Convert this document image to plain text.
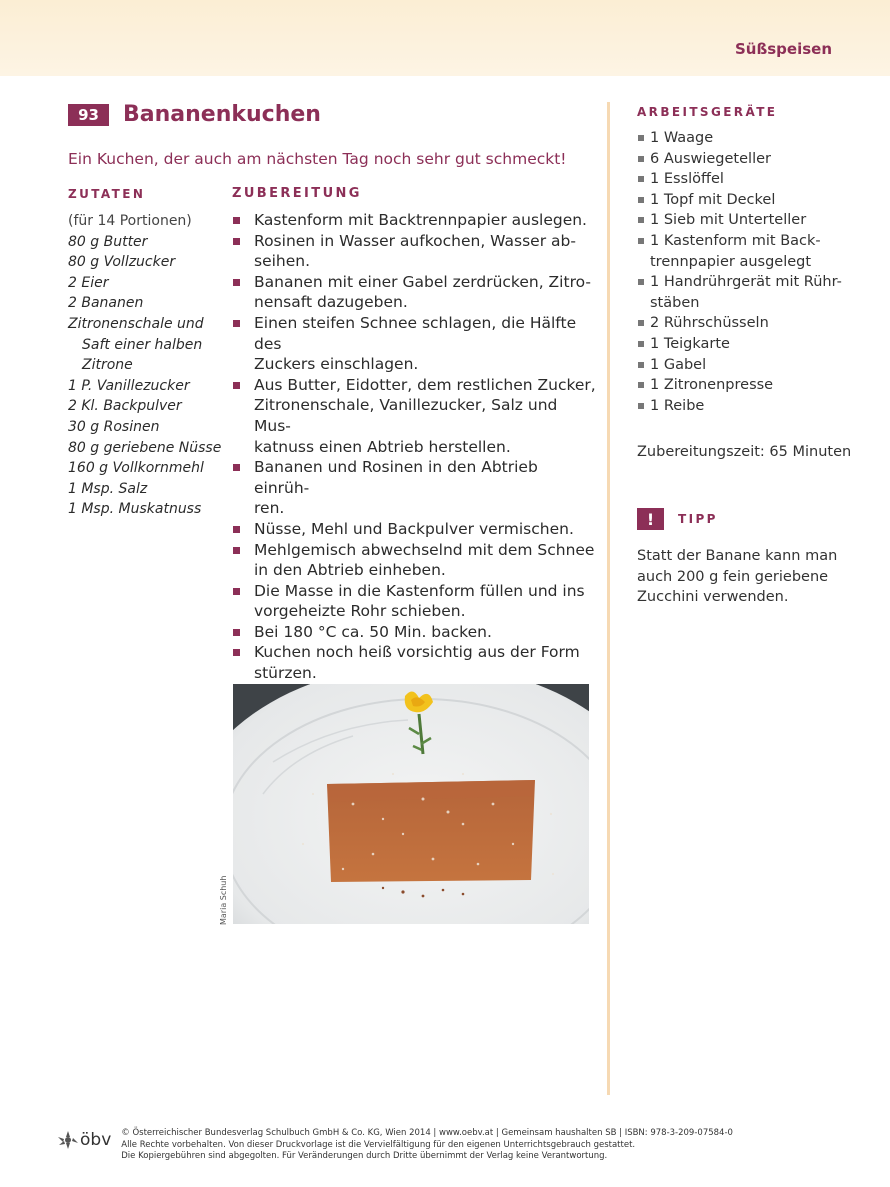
Süßspeisen
93	Bananenkuchen
Ein Kuchen, der auch am nächsten Tag noch sehr gut schmeckt!
ZUTATEN	ZUBEREITUNG
(für 14 Portionen)
80 g Butter
80 g Vollzucker
2 Eier
2 Bananen
Zitronenschale und
Saft einer halben
Zitrone
1 P. Vanillezucker
2 Kl. Backpulver
30 g Rosinen
80 g geriebene Nüsse
160 g Vollkornmehl
1 Msp. Salz
1 Msp. Muskatnuss
Kastenform mit Backtrennpapier auslegen.
Rosinen in Wasser aufkochen, Wasser ab-
seihen.
Bananen mit einer Gabel zerdrücken, Zitro-
nensaft dazugeben.
Einen steifen Schnee schlagen, die Hälfte des
Zuckers einschlagen.
Aus Butter, Eidotter, dem restlichen Zucker,
Zitronenschale, Vanillezucker, Salz und Mus-
katnuss einen Abtrieb herstellen.
Bananen und Rosinen in den Abtrieb einrüh-
ren.
Nüsse, Mehl und Backpulver vermischen.
Mehlgemisch abwechselnd mit dem Schnee
in den Abtrieb einheben.
Die Masse in die Kastenform füllen und ins
vorgeheizte Rohr schieben.
Bei 180 °C ca. 50 Min. backen.
Kuchen noch heiß vorsichtig aus der Form
stürzen.
Maria Schuh
ARBEITSGERÄTE
1 Waage
6 Auswiegeteller
1 Esslöffel
1 Topf mit Deckel
1 Sieb mit Unterteller
1 Kastenform mit Back-
trennpapier ausgelegt
1 Handrührgerät mit Rühr-
stäben
2 Rührschüsseln
1 Teigkarte
1 Gabel
1 Zitronenpresse
1 Reibe
Zubereitungszeit: 65 Minuten
!	TIPP
Statt der Banane kann man
auch 200 g fein geriebene
Zucchini verwenden.
öbv © Österreichischer Bundesverlag Schulbuch GmbH & Co. KG, Wien 2014 | www.oebv.at | Gemeinsam haushalten SB | ISBN: 978-3-209-07584-0
Alle Rechte vorbehalten. Von dieser Druckvorlage ist die Vervielfältigung für den eigenen Unterrichtsgebrauch gestattet.
Die Kopiergebühren sind abgegolten. Für Veränderungen durch Dritte übernimmt der Verlag keine Verantwortung.
